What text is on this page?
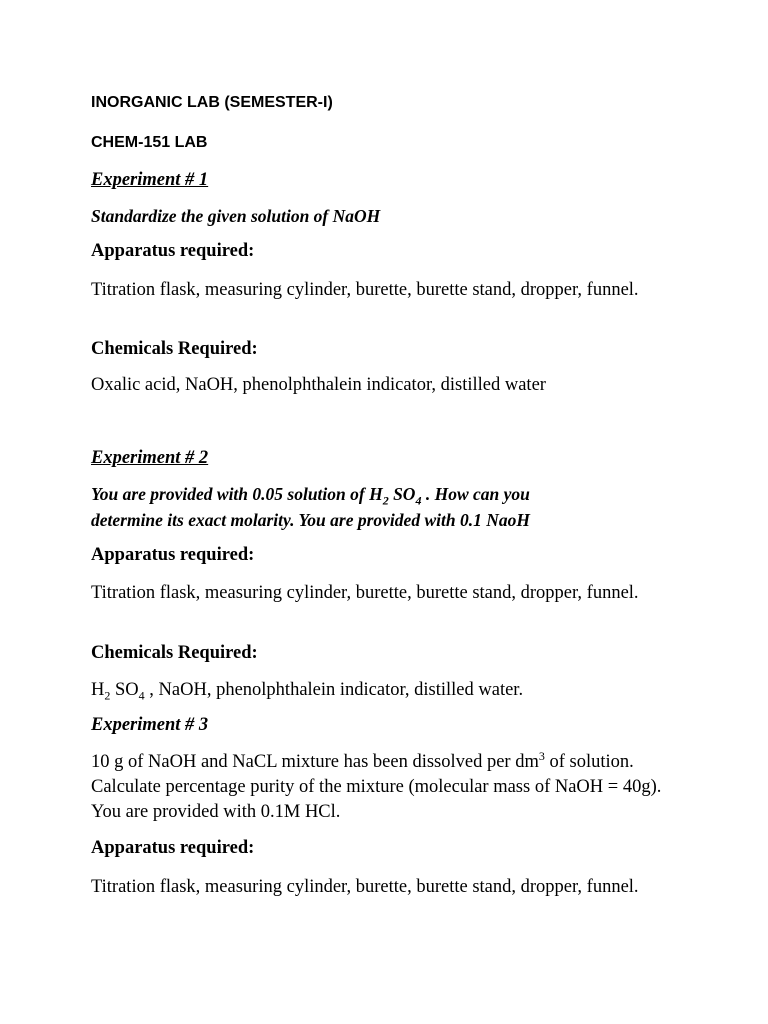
INORGANIC LAB (SEMESTER-I)
CHEM-151 LAB
Experiment # 1
Standardize the given solution of NaOH
Apparatus required:
Titration flask, measuring cylinder, burette, burette stand, dropper, funnel.
Chemicals Required:
Oxalic acid, NaOH, phenolphthalein indicator, distilled water
Experiment # 2
You are provided with 0.05 solution of $H_2$ $SO_4$ . How can you
determine its exact molarity. You are provided with 0.1 NaoH
Apparatus required:
Titration flask, measuring cylinder, burette, burette stand, dropper, funnel.
Chemicals Required:
$H_2$ $SO_4$ , NaOH, phenolphthalein indicator, distilled water.
Experiment # 3
10 g of NaOH and NaCL mixture has been dissolved per $dm^3$ of solution. Calculate percentage purity of the mixture (molecular mass of NaOH = 40g). You are provided with 0.1M HCl.
Apparatus required:
Titration flask, measuring cylinder, burette, burette stand, dropper, funnel.
